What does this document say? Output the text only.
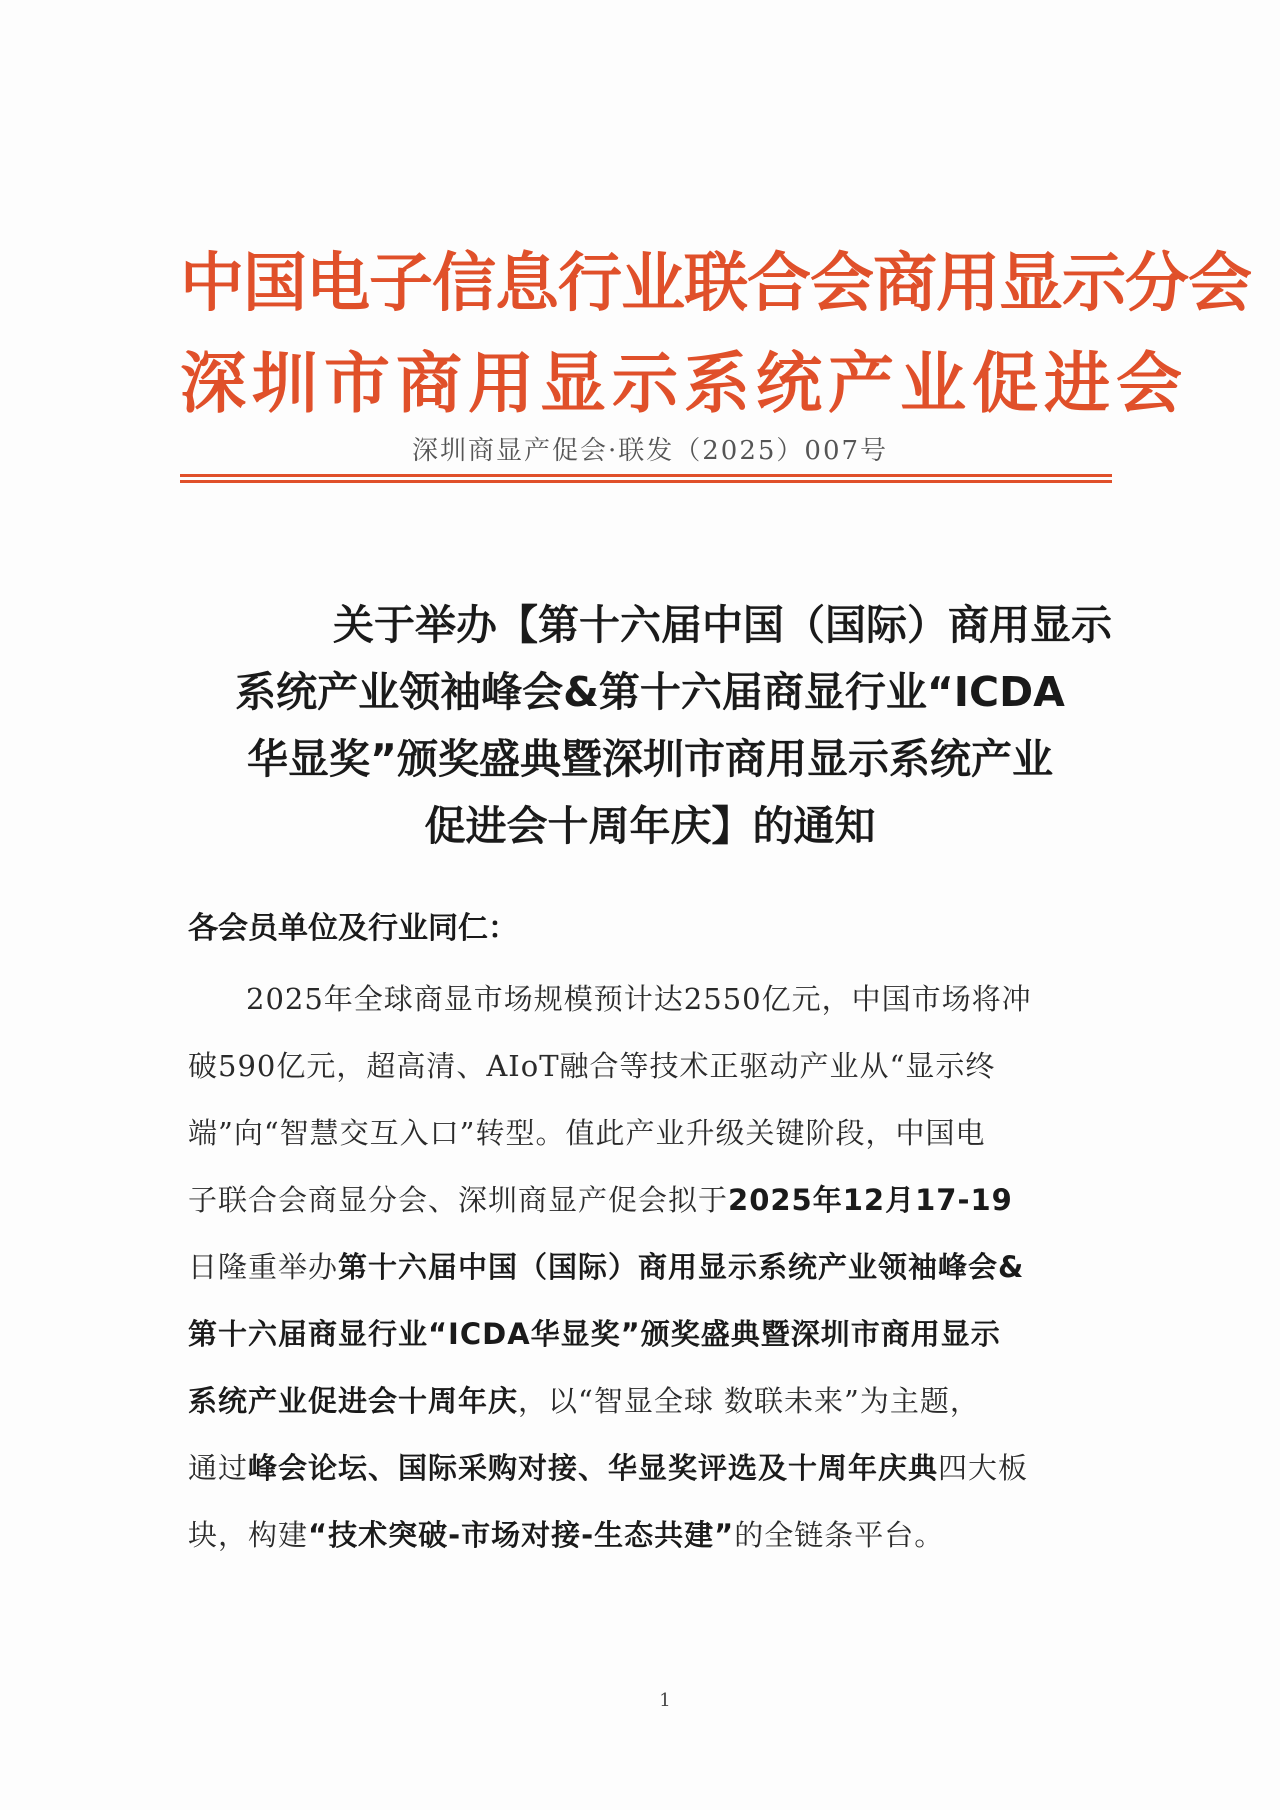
中国电子信息行业联合会商用显示分会
深圳市商用显示系统产业促进会
深圳商显产促会·联发（2025）007号
关于举办【第十六届中国（国际）商用显示
系统产业领袖峰会&第十六届商显行业“ICDA
华显奖”颁奖盛典暨深圳市商用显示系统产业
促进会十周年庆】的通知
各会员单位及行业同仁：
2025年全球商显市场规模预计达2550亿元，中国市场将冲
破590亿元，超高清、AIoT融合等技术正驱动产业从“显示终
端”向“智慧交互入口”转型。值此产业升级关键阶段，中国电
子联合会商显分会、深圳商显产促会拟于2025年12月17-19
日隆重举办第十六届中国（国际）商用显示系统产业领袖峰会&
第十六届商显行业“ICDA华显奖”颁奖盛典暨深圳市商用显示
系统产业促进会十周年庆，以“智显全球 数联未来”为主题，
通过峰会论坛、国际采购对接、华显奖评选及十周年庆典四大板
块，构建“技术突破-市场对接-生态共建”的全链条平台。
1
